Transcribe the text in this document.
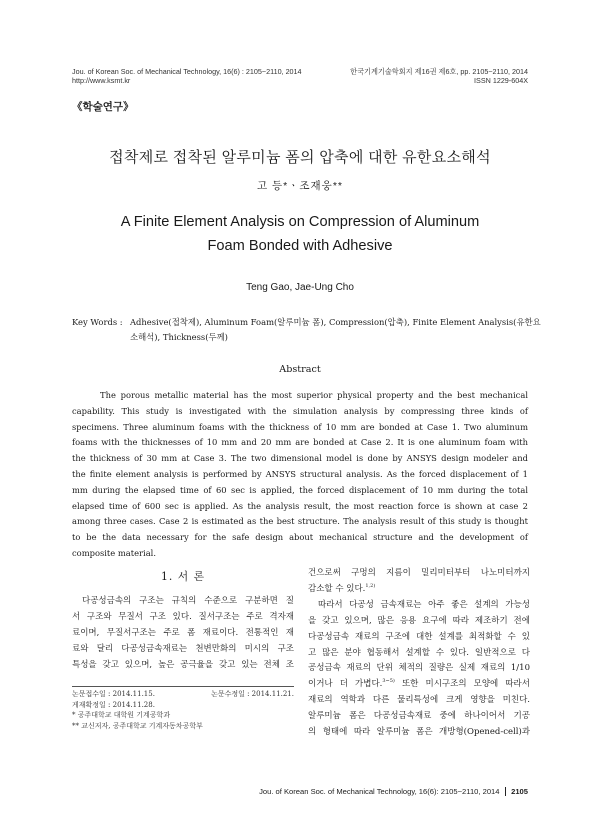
Jou. of Korean Soc. of Mechanical Technology, 16(6) : 2105~2110, 2014
http://www.ksmt.kr
한국기계기술학회지 제16권 제6호, pp. 2105~2110, 2014
ISSN 1229-604X
《학술연구》
접착제로 접착된 알루미늄 폼의 압축에 대한 유한요소해석
고 등*ㆍ조재웅**
A Finite Element Analysis on Compression of Aluminum
Foam Bonded with Adhesive
Teng Gao, Jae-Ung Cho
Key Words : Adhesive(접착제), Aluminum Foam(알루미늄 폼), Compression(압축), Finite Element Analysis(유한요
소해석), Thickness(두께)
Abstract
The porous metallic material has the most superior physical property and the best mechanical
capability. This study is investigated with the simulation analysis by compressing three kinds of
specimens. Three aluminum foams with the thickness of 10 mm are bonded at Case 1. Two aluminum
foams with the thicknesses of 10 mm and 20 mm are bonded at Case 2. It is one aluminum foam with
the thickness of 30 mm at Case 3. The two dimensional model is done by ANSYS design modeler and
the finite element analysis is performed by ANSYS structural analysis. As the forced displacement of 1
mm during the elapsed time of 60 sec is applied, the forced displacement of 10 mm during the total
elapsed time of 600 sec is applied. As the analysis result, the most reaction force is shown at case 2
among three cases. Case 2 is estimated as the best structure. The analysis result of this study is thought
to be the data necessary for the safe design about mechanical structure and the development of
composite material.
1. 서 론
다공성금속의 구조는 규칙의 수준으로 구분하면 질
서 구조와 무질서 구조 있다. 질서구조는 주로 격자재
료이며, 무질서구조는 주로 폼 재료이다. 전통적인 재
료와 달리 다공성금속재료는 천변만화의 미시의 구조
특성을 갖고 있으며, 높은 공극율을 갖고 있는 전체 조
논문접수일 : 2014.11.15.	논문수정일 : 2014.11.21.
게재확정일 : 2014.11.28.
* 공주대학교 대학원 기계공학과
** 교신저자, 공주대학교 기계자동차공학부
건으로써 구멍의 지름이 밀리미터부터 나노미터까지
감소할 수 있다.$^{1,2)}$
따라서 다공성 금속재료는 아주 좋은 설계의 가능성
을 갖고 있으며, 많은 응용 요구에 따라 제조하기 전에
다공성금속 재료의 구조에 대한 설계를 최적화할 수 있
고 많은 분야 협동해서 설계할 수 있다. 일반적으로 다
공성금속 재료의 단위 체적의 질량은 실제 재료의 1/10
이거나 더 가볍다.$^{3\sim 5)}$ 또한 미시구조의 모양에 따라서
재료의 역학과 다른 물리특성에 크게 영향을 미친다.
알루미늄 폼은 다공성금속재료 중에 하나이어서 기공
의 형태에 따라 알루미늄 폼은 개방형(Opened-cell)과
Jou. of Korean Soc. of Mechanical Technology, 16(6): 2105~2110, 2014 2105
